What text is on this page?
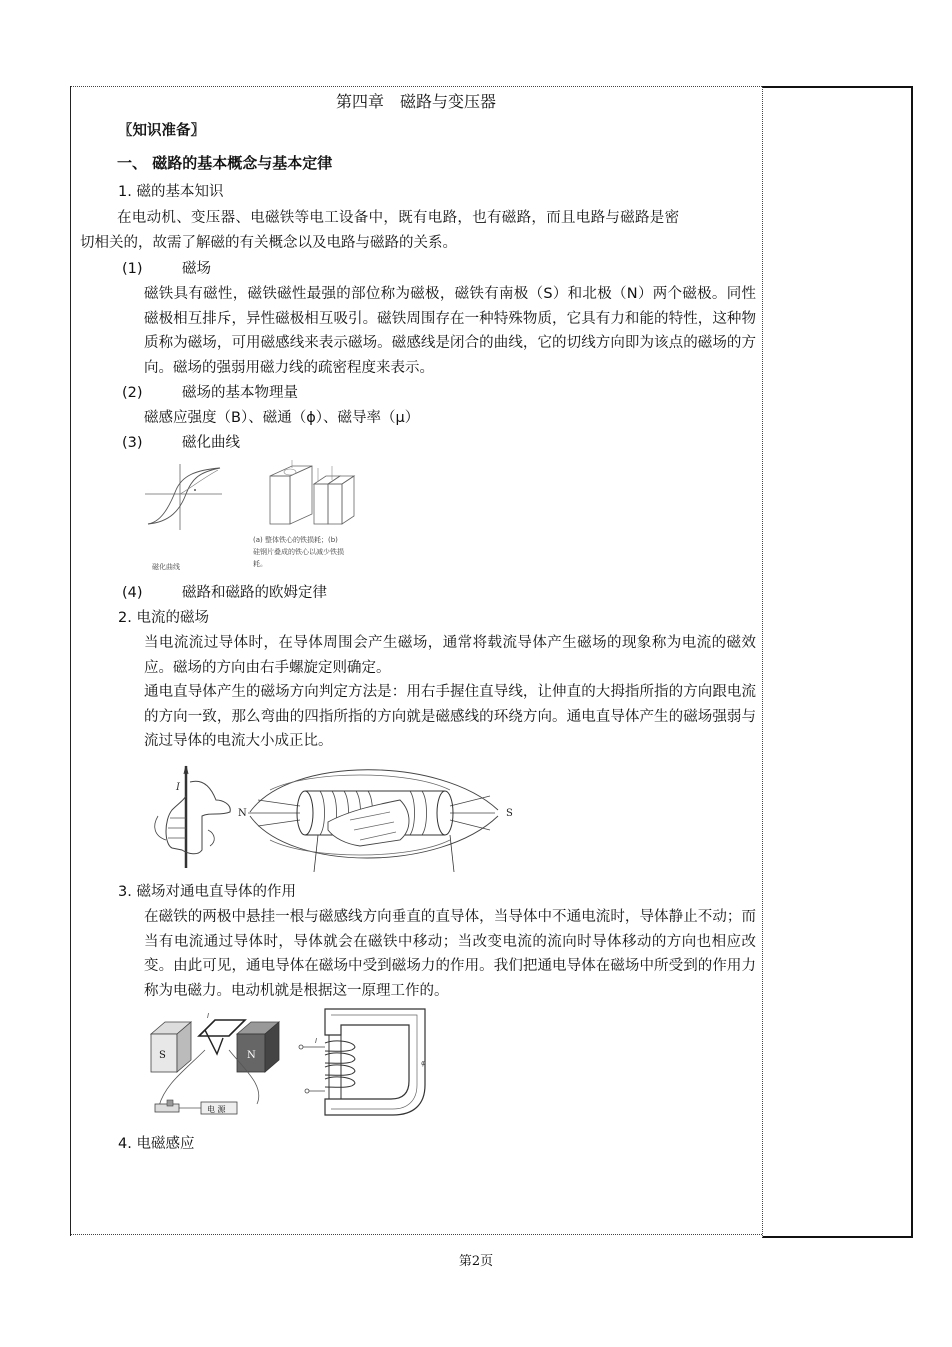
第四章　磁路与变压器
〖知识准备〗
一、 磁路的基本概念与基本定律
1. 磁的基本知识
在电动机、变压器、电磁铁等电工设备中，既有电路，也有磁路，而且电路与磁路是密
切相关的，故需了解磁的有关概念以及电路与磁路的关系。
(1)	磁场
磁铁具有磁性，磁铁磁性最强的部位称为磁极，磁铁有南极（S）和北极（N）两个磁极。同性磁极相互排斥，异性磁极相互吸引。磁铁周围存在一种特殊物质，它具有力和能的特性，这种物质称为磁场，可用磁感线来表示磁场。磁感线是闭合的曲线，它的切线方向即为该点的磁场的方向。磁场的强弱用磁力线的疏密程度来表示。
(2)	磁场的基本物理量
磁感应强度（B）、磁通（ϕ）、磁导率（μ）
(3)	磁化曲线
磁化曲线
(a) 整体铁心的铁损耗；(b)
硅钢片叠成的铁心以减少铁损
耗。
(4)	磁路和磁路的欧姆定律
2. 电流的磁场
当电流流过导体时，在导体周围会产生磁场，通常将载流导体产生磁场的现象称为电流的磁效应。磁场的方向由右手螺旋定则确定。
通电直导体产生的磁场方向判定方法是：用右手握住直导线，让伸直的大拇指所指的方向跟电流的方向一致，那么弯曲的四指所指的方向就是磁感线的环绕方向。通电直导体产生的磁场强弱与流过导体的电流大小成正比。
I
N	S
3. 磁场对通电直导体的作用
在磁铁的两极中悬挂一根与磁感线方向垂直的直导体，当导体中不通电流时，导体静止不动；而当有电流通过导体时，导体就会在磁铁中移动；当改变电流的流向时导体移动的方向也相应改变。由此可见，通电导体在磁场中受到磁场力的作用。我们把通电导体在磁场中所受到的作用力称为电磁力。电动机就是根据这一原理工作的。
S	N
I
电 源
I
φ
4. 电磁感应
第2页
